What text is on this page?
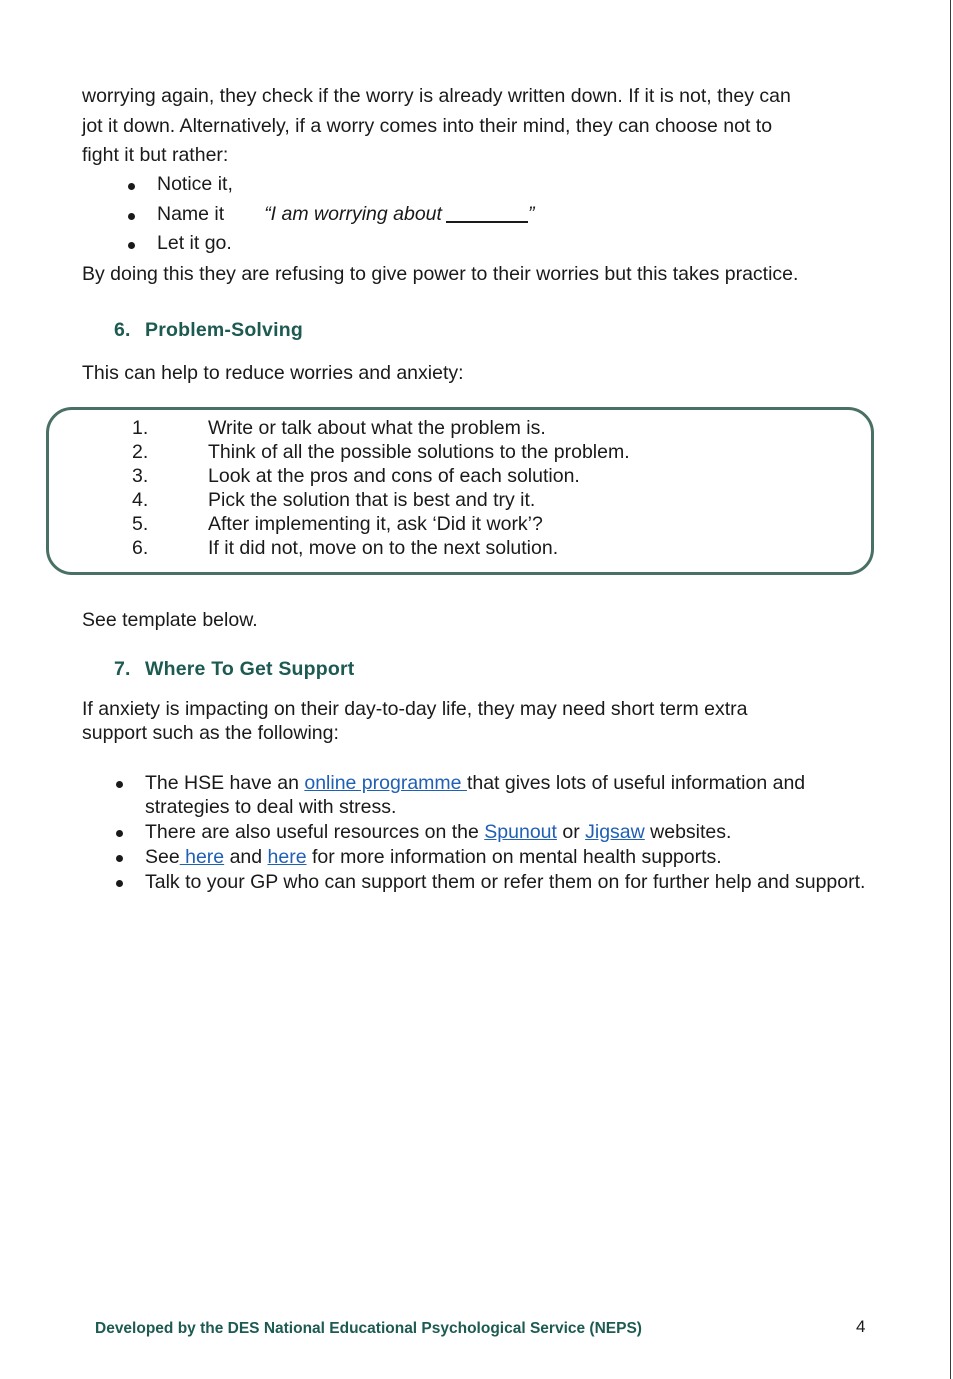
worrying again, they check if the worry is already written down. If it is not, they can
jot it down. Alternatively, if a worry comes into their mind, they can choose not to
fight it but rather:

Notice it,
Name it “I am worrying about	”
Let it go.

By doing this they are refusing to give power to their worries but this takes practice.

6. Problem-Solving

This can help to reduce worries and anxiety:

1.	Write or talk about what the problem is.
2.	Think of all the possible solutions to the problem.
3.	Look at the pros and cons of each solution.
4.	Pick the solution that is best and try it.
5.	After implementing it, ask ‘Did it work’?
6.	If it did not, move on to the next solution.

See template below.

7. Where To Get Support

If anxiety is impacting on their day-to-day life, they may need short term extra
support such as the following:

The HSE have an online programme that gives lots of useful information and strategies to deal with stress.
There are also useful resources on the Spunout or Jigsaw websites.
See here and here for more information on mental health supports.
Talk to your GP who can support them or refer them on for further help and support.

Developed by the DES National Educational Psychological Service (NEPS)	4
